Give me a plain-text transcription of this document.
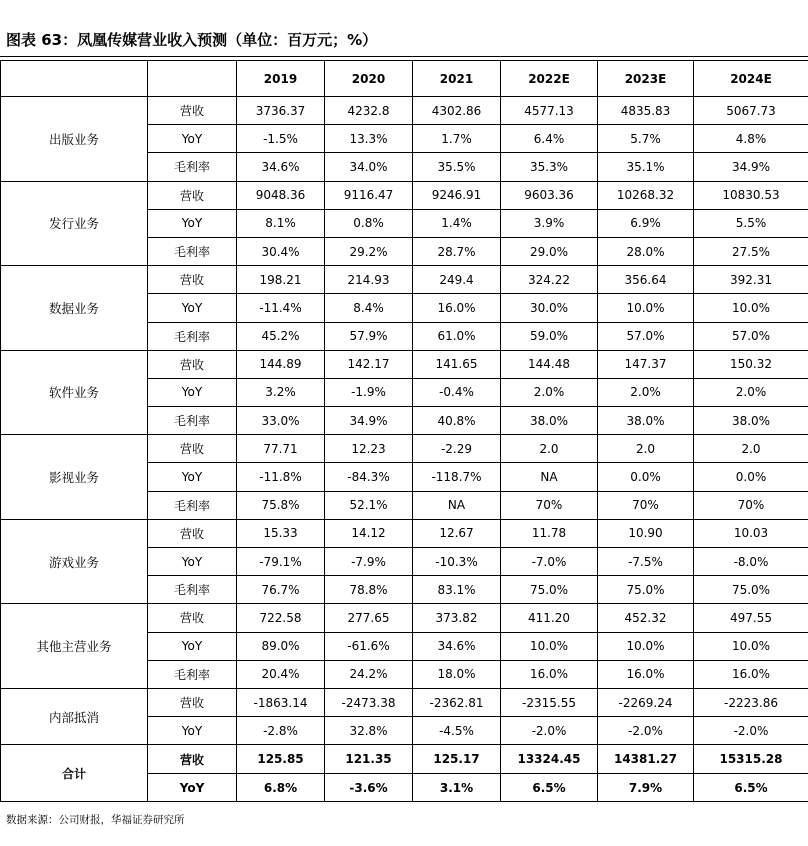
图表 63：凤凰传媒营业收入预测（单位：百万元；%）
		2019	2020	2021	2022E	2023E	2024E
出版业务	营收	3736.37	4232.8	4302.86	4577.13	4835.83	5067.73
	YoY	-1.5%	13.3%	1.7%	6.4%	5.7%	4.8%
	毛利率	34.6%	34.0%	35.5%	35.3%	35.1%	34.9%
发行业务	营收	9048.36	9116.47	9246.91	9603.36	10268.32	10830.53
	YoY	8.1%	0.8%	1.4%	3.9%	6.9%	5.5%
	毛利率	30.4%	29.2%	28.7%	29.0%	28.0%	27.5%
数据业务	营收	198.21	214.93	249.4	324.22	356.64	392.31
	YoY	-11.4%	8.4%	16.0%	30.0%	10.0%	10.0%
	毛利率	45.2%	57.9%	61.0%	59.0%	57.0%	57.0%
软件业务	营收	144.89	142.17	141.65	144.48	147.37	150.32
	YoY	3.2%	-1.9%	-0.4%	2.0%	2.0%	2.0%
	毛利率	33.0%	34.9%	40.8%	38.0%	38.0%	38.0%
影视业务	营收	77.71	12.23	-2.29	2.0	2.0	2.0
	YoY	-11.8%	-84.3%	-118.7%	NA	0.0%	0.0%
	毛利率	75.8%	52.1%	NA	70%	70%	70%
游戏业务	营收	15.33	14.12	12.67	11.78	10.90	10.03
	YoY	-79.1%	-7.9%	-10.3%	-7.0%	-7.5%	-8.0%
	毛利率	76.7%	78.8%	83.1%	75.0%	75.0%	75.0%
其他主营业务	营收	722.58	277.65	373.82	411.20	452.32	497.55
	YoY	89.0%	-61.6%	34.6%	10.0%	10.0%	10.0%
	毛利率	20.4%	24.2%	18.0%	16.0%	16.0%	16.0%
内部抵消	营收	-1863.14	-2473.38	-2362.81	-2315.55	-2269.24	-2223.86
	YoY	-2.8%	32.8%	-4.5%	-2.0%	-2.0%	-2.0%
合计	营收	125.85	121.35	125.17	13324.45	14381.27	15315.28
	YoY	6.8%	-3.6%	3.1%	6.5%	7.9%	6.5%
数据来源：公司财报，华福证券研究所
